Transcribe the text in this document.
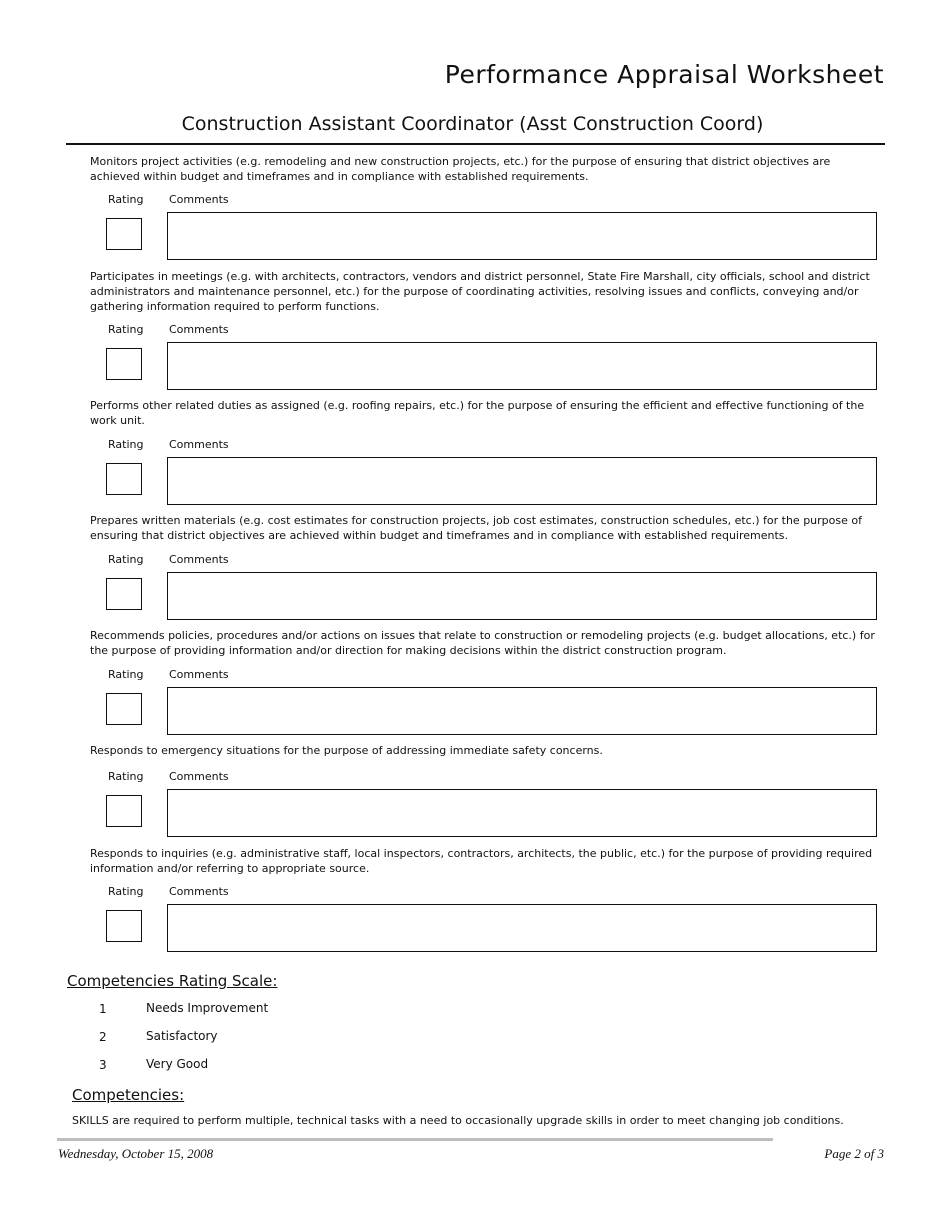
Performance Appraisal Worksheet
Construction Assistant Coordinator (Asst Construction Coord)
Monitors project activities (e.g. remodeling and new construction projects, etc.) for the purpose of ensuring that district objectives are achieved within budget and timeframes and in compliance with established requirements.
Rating Comments
Participates in meetings (e.g. with architects, contractors, vendors and district personnel, State Fire Marshall, city officials, school and district administrators and maintenance personnel, etc.) for the purpose of coordinating activities, resolving issues and conflicts, conveying and/or gathering information required to perform functions.
Rating Comments
Performs other related duties as assigned (e.g. roofing repairs, etc.) for the purpose of ensuring the efficient and effective functioning of the work unit.
Rating Comments
Prepares written materials (e.g. cost estimates for construction projects, job cost estimates, construction schedules, etc.) for the purpose of ensuring that district objectives are achieved within budget and timeframes and in compliance with established requirements.
Rating Comments
Recommends policies, procedures and/or actions on issues that relate to construction or remodeling projects (e.g. budget allocations, etc.) for the purpose of providing information and/or direction for making decisions within the district construction program.
Rating Comments
Responds to emergency situations for the purpose of addressing immediate safety concerns.
Rating Comments
Responds to inquiries (e.g. administrative staff, local inspectors, contractors, architects, the public, etc.) for the purpose of providing required information and/or referring to appropriate source.
Rating Comments
Competencies Rating Scale:
1	Needs Improvement
2	Satisfactory
3	Very Good
Competencies:
SKILLS are required to perform multiple, technical tasks with a need to occasionally upgrade skills in order to meet changing job conditions.
Wednesday, October 15, 2008	Page 2 of 3
